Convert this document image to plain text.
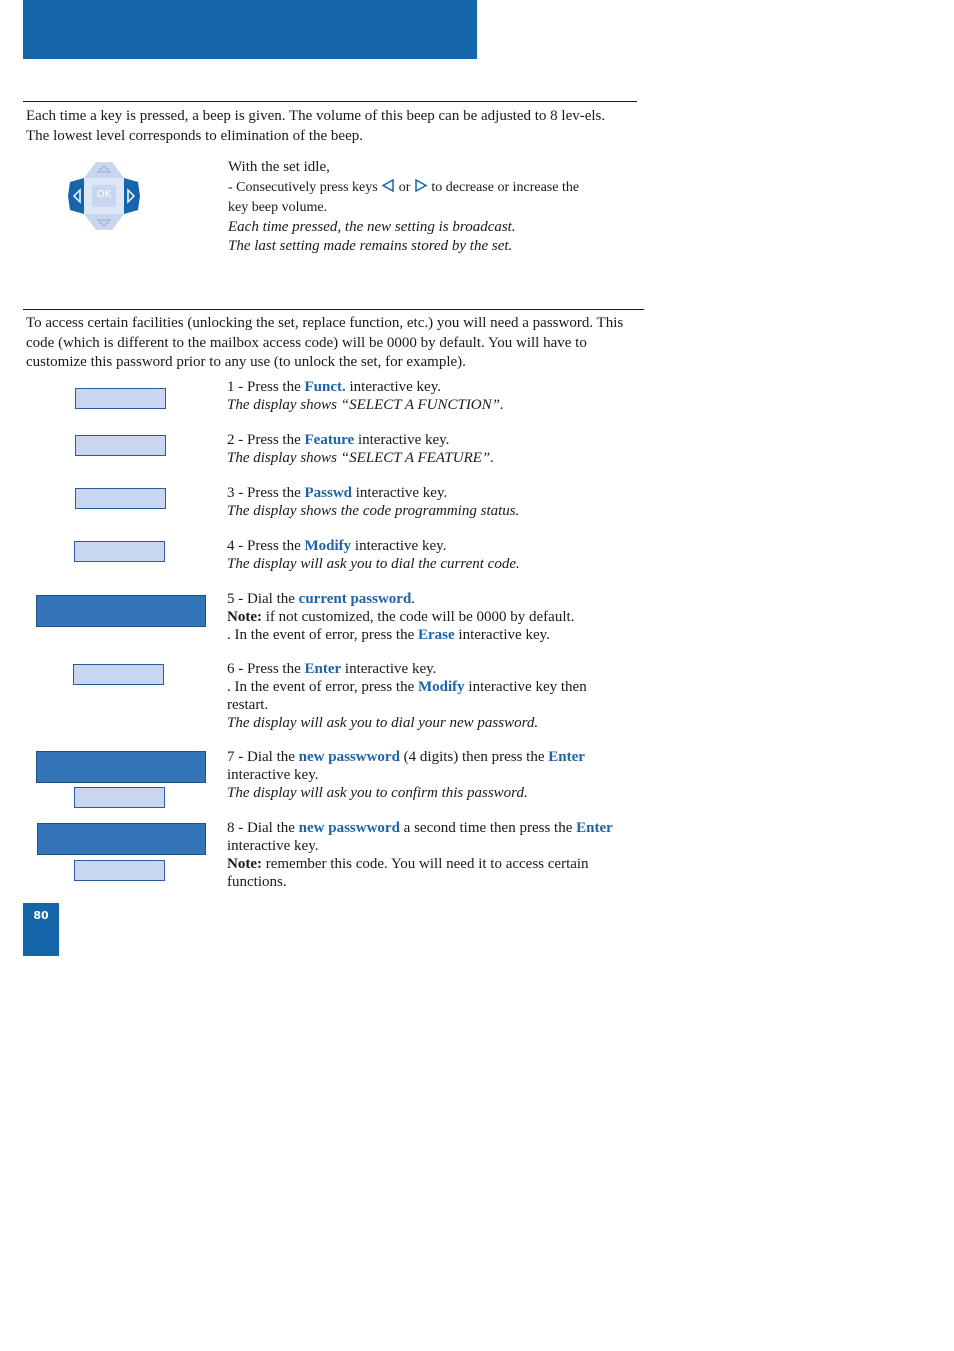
Each time a key is pressed, a beep is given. The volume of this beep can be adjusted to 8 lev-els. The lowest level corresponds to elimination of the beep.
OK
With the set idle,
- Consecutively press keys or to decrease or increase the
key beep volume.
Each time pressed, the new setting is broadcast.
The last setting made remains stored by the set.
To access certain facilities (unlocking the set, replace function, etc.) you will need a password. This code (which is different to the mailbox access code) will be 0000 by default. You will have to customize this password prior to any use (to unlock the set, for example).
1 - Press the Funct. interactive key.
The display shows “SELECT A FUNCTION”.
2 - Press the Feature interactive key.
The display shows “SELECT A FEATURE”.
3 - Press the Passwd interactive key.
The display shows the code programming status.
4 - Press the Modify interactive key.
The display will ask you to dial the current code.
5 - Dial the current password.
Note: if not customized, the code will be 0000 by default.
. In the event of error, press the Erase interactive key.
6 - Press the Enter interactive key.
. In the event of error, press the Modify interactive key then
restart.
The display will ask you to dial your new password.
7 - Dial the new passwword (4 digits) then press the Enter
interactive key.
The display will ask you to confirm this password.
8 - Dial the new passwword a second time then press the Enter
interactive key.
Note: remember this code. You will need it to access certain
functions.
80
